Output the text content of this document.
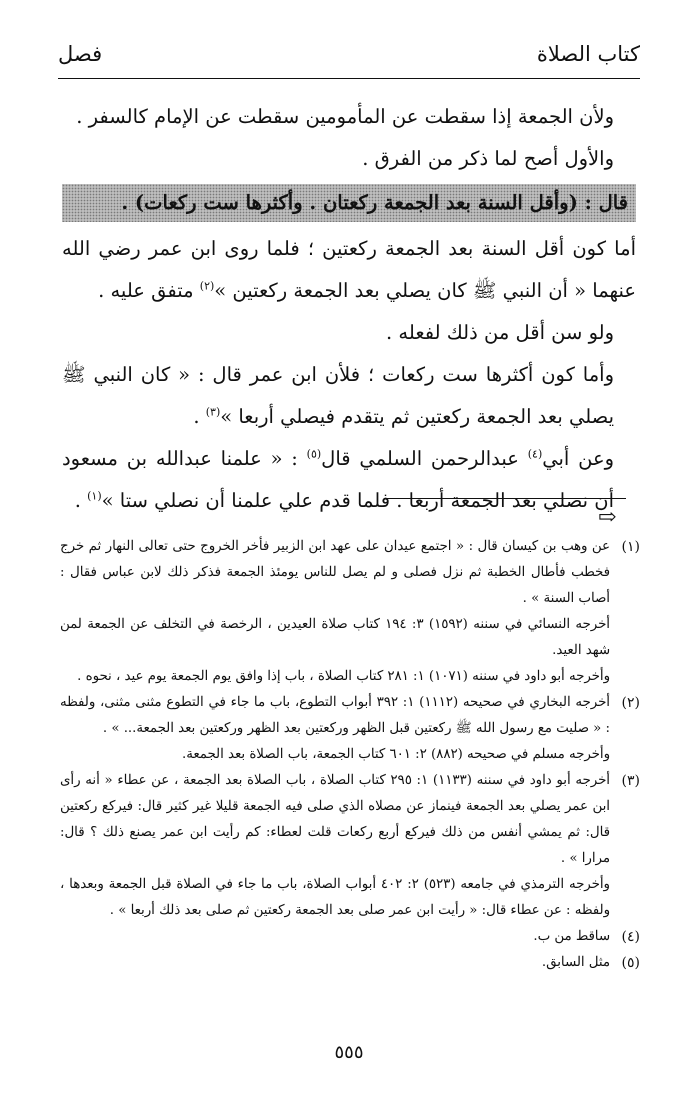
كتاب الصلاة
فصل

ولأن الجمعة إذا سقطت عن المأمومين سقطت عن الإمام كالسفر .

والأول أصح لما ذكر من الفرق .

قال : (وأقل السنة بعد الجمعة ركعتان . وأكثرها ست ركعات) .

أما كون أقل السنة بعد الجمعة ركعتين ؛ فلما روى ابن عمر رضي الله عنهما « أن النبي ﷺ كان يصلي بعد الجمعة ركعتين »$^{(٢)}$ متفق عليه .

ولو سن أقل من ذلك لفعله .

وأما كون أكثرها ست ركعات ؛ فلأن ابن عمر قال : « كان النبي ﷺ يصلي بعد الجمعة ركعتين ثم يتقدم فيصلي أربعا »$^{(٣)}$ .

وعن أبي$^{(٤)}$ عبدالرحمن السلمي قال$^{(٥)}$ : « علمنا عبدالله بن مسعود أن نصلي بعد الجمعة أربعا . فلما قدم علي علمنا أن نصلي ستا »$^{(١)}$ .

⇨
(١)
عن وهب بن كيسان قال : « اجتمع عيدان على عهد ابن الزبير فأخر الخروج حتى تعالى النهار ثم خرج فخطب فأطال الخطبة ثم نزل فصلى و لم يصل للناس يومئذ الجمعة فذكر ذلك لابن عباس فقال : أصاب السنة » .
أخرجه النسائي في سننه (١٥٩٢) ٣: ١٩٤ كتاب صلاة العيدين ، الرخصة في التخلف عن الجمعة لمن شهد العيد.
وأخرجه أبو داود في سننه (١٠٧١) ١: ٢٨١ كتاب الصلاة ، باب إذا وافق يوم الجمعة يوم عيد ، نحوه .
(٢)
أخرجه البخاري في صحيحه (١١١٢) ١: ٣٩٢ أبواب التطوع، باب ما جاء في التطوع مثنى مثنى، ولفظه : « صليت مع رسول الله ﷺ ركعتين قبل الظهر وركعتين بعد الظهر وركعتين بعد الجمعة... » .
وأخرجه مسلم في صحيحه (٨٨٢) ٢: ٦٠١ كتاب الجمعة، باب الصلاة بعد الجمعة.
(٣)
أخرجه أبو داود في سننه (١١٣٣) ١: ٢٩٥ كتاب الصلاة ، باب الصلاة بعد الجمعة ، عن عطاء « أنه رأى ابن عمر يصلي بعد الجمعة فينماز عن مصلاه الذي صلى فيه الجمعة قليلا غير كثير قال: فيركع ركعتين قال: ثم يمشي أنفس من ذلك فيركع أربع ركعات قلت لعطاء: كم رأيت ابن عمر يصنع ذلك ؟ قال: مرارا » .
وأخرجه الترمذي في جامعه (٥٢٣) ٢: ٤٠٢ أبواب الصلاة، باب ما جاء في الصلاة قبل الجمعة وبعدها ، ولفظه : عن عطاء قال: « رأيت ابن عمر صلى بعد الجمعة ركعتين ثم صلى بعد ذلك أربعا » .
(٤)
ساقط من ب.
(٥)
مثل السابق.
٥٥٥
